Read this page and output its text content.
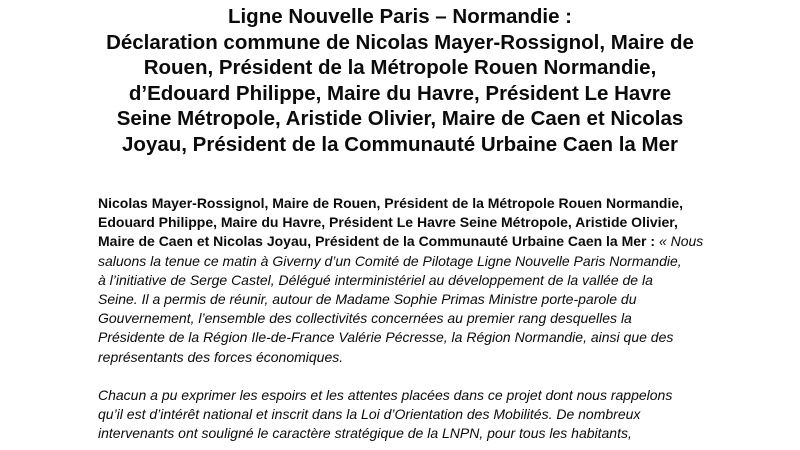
Ligne Nouvelle Paris – Normandie :
Déclaration commune de Nicolas Mayer-Rossignol, Maire de
Rouen, Président de la Métropole Rouen Normandie,
d’Edouard Philippe, Maire du Havre, Président Le Havre
Seine Métropole, Aristide Olivier, Maire de Caen et Nicolas
Joyau, Président de la Communauté Urbaine Caen la Mer
Nicolas Mayer-Rossignol, Maire de Rouen, Président de la Métropole Rouen Normandie,
Edouard Philippe, Maire du Havre, Président Le Havre Seine Métropole, Aristide Olivier,
Maire de Caen et Nicolas Joyau, Président de la Communauté Urbaine Caen la Mer : « Nous
saluons la tenue ce matin à Giverny d’un Comité de Pilotage Ligne Nouvelle Paris Normandie,
à l’initiative de Serge Castel, Délégué interministériel au développement de la vallée de la
Seine. Il a permis de réunir, autour de Madame Sophie Primas Ministre porte-parole du
Gouvernement, l’ensemble des collectivités concernées au premier rang desquelles la
Présidente de la Région Ile-de-France Valérie Pécresse, la Région Normandie, ainsi que des
représentants des forces économiques.
Chacun a pu exprimer les espoirs et les attentes placées dans ce projet dont nous rappelons
qu’il est d’intérêt national et inscrit dans la Loi d’Orientation des Mobilités. De nombreux
intervenants ont souligné le caractère stratégique de la LNPN, pour tous les habitants,
